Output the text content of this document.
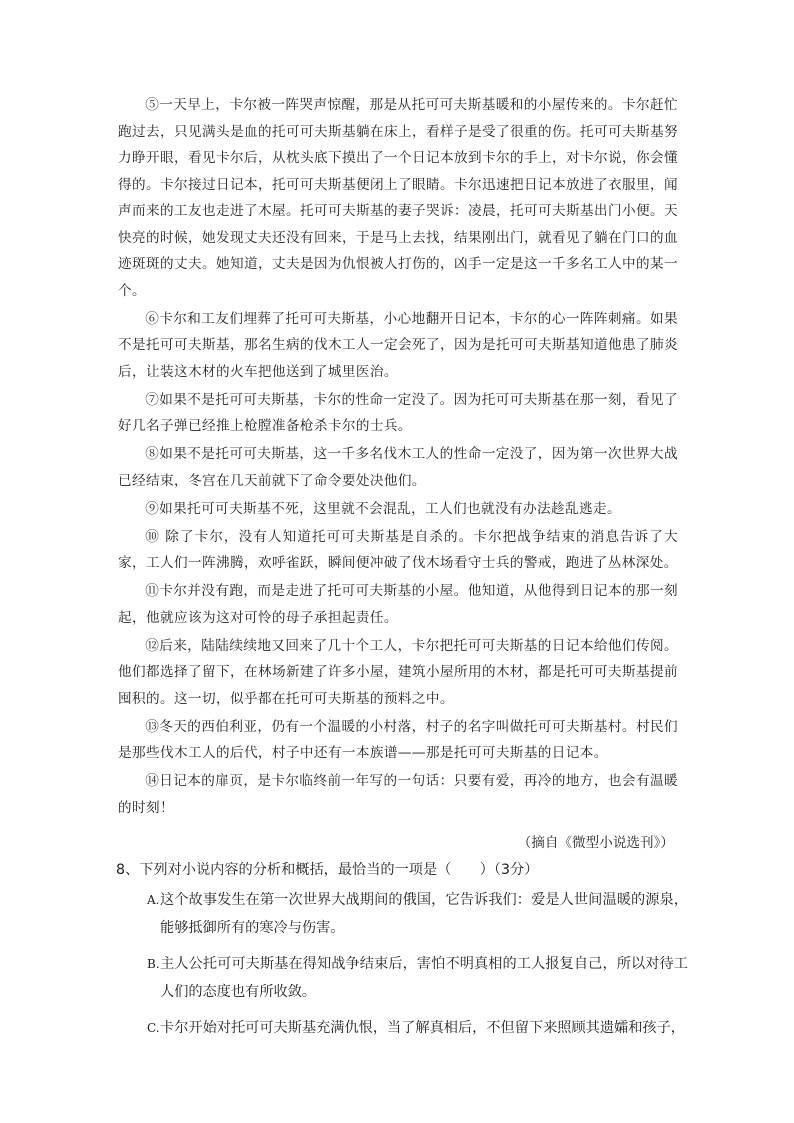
⑤一天早上，卡尔被一阵哭声惊醒，那是从托可可夫斯基暖和的小屋传来的。卡尔赶忙跑过去，只见满头是血的托可可夫斯基躺在床上，看样子是受了很重的伤。托可可夫斯基努力睁开眼，看见卡尔后，从枕头底下摸出了一个日记本放到卡尔的手上，对卡尔说，你会懂得的。卡尔接过日记本，托可可夫斯基便闭上了眼睛。卡尔迅速把日记本放进了衣服里，闻声而来的工友也走进了木屋。托可可夫斯基的妻子哭诉：凌晨，托可可夫斯基出门小便。天快亮的时候，她发现丈夫还没有回来，于是马上去找，结果刚出门，就看见了躺在门口的血迹斑斑的丈夫。她知道，丈夫是因为仇恨被人打伤的，凶手一定是这一千多名工人中的某一个。

⑥卡尔和工友们埋葬了托可可夫斯基，小心地翻开日记本，卡尔的心一阵阵刺痛。如果不是托可可夫斯基，那名生病的伐木工人一定会死了，因为是托可可夫斯基知道他患了肺炎后，让装这木材的火车把他送到了城里医治。

⑦如果不是托可可夫斯基，卡尔的性命一定没了。因为托可可夫斯基在那一刻，看见了好几名子弹已经推上枪膛准备枪杀卡尔的士兵。

⑧如果不是托可可夫斯基，这一千多名伐木工人的性命一定没了，因为第一次世界大战已经结束，冬宫在几天前就下了命令要处决他们。

⑨如果托可可夫斯基不死，这里就不会混乱，工人们也就没有办法趁乱逃走。

⑩ 除了卡尔，没有人知道托可可夫斯基是自杀的。卡尔把战争结束的消息告诉了大家，工人们一阵沸腾，欢呼雀跃，瞬间便冲破了伐木场看守士兵的警戒，跑进了丛林深处。

⑪卡尔并没有跑，而是走进了托可可夫斯基的小屋。他知道，从他得到日记本的那一刻起，他就应该为这对可怜的母子承担起责任。

⑫后来，陆陆续续地又回来了几十个工人，卡尔把托可可夫斯基的日记本给他们传阅。他们都选择了留下，在林场新建了许多小屋，建筑小屋所用的木材，都是托可可夫斯基提前囤积的。这一切，似乎都在托可可夫斯基的预料之中。

⑬冬天的西伯利亚，仍有一个温暖的小村落，村子的名字叫做托可可夫斯基村。村民们是那些伐木工人的后代，村子中还有一本族谱——那是托可可夫斯基的日记本。

⑭日记本的扉页，是卡尔临终前一年写的一句话：只要有爱，再冷的地方，也会有温暖的时刻！

（摘自《微型小说选刊》）
8、下列对小说内容的分析和概括，最恰当的一项是（　　）（3分）
A. 这个故事发生在第一次世界大战期间的俄国，它告诉我们：爱是人世间温暖的源泉，能够抵御所有的寒冷与伤害。
B. 主人公托可可夫斯基在得知战争结束后，害怕不明真相的工人报复自己，所以对待工人们的态度也有所收敛。
C. 卡尔开始对托可可夫斯基充满仇恨，当了解真相后，不但留下来照顾其遗孀和孩子，
